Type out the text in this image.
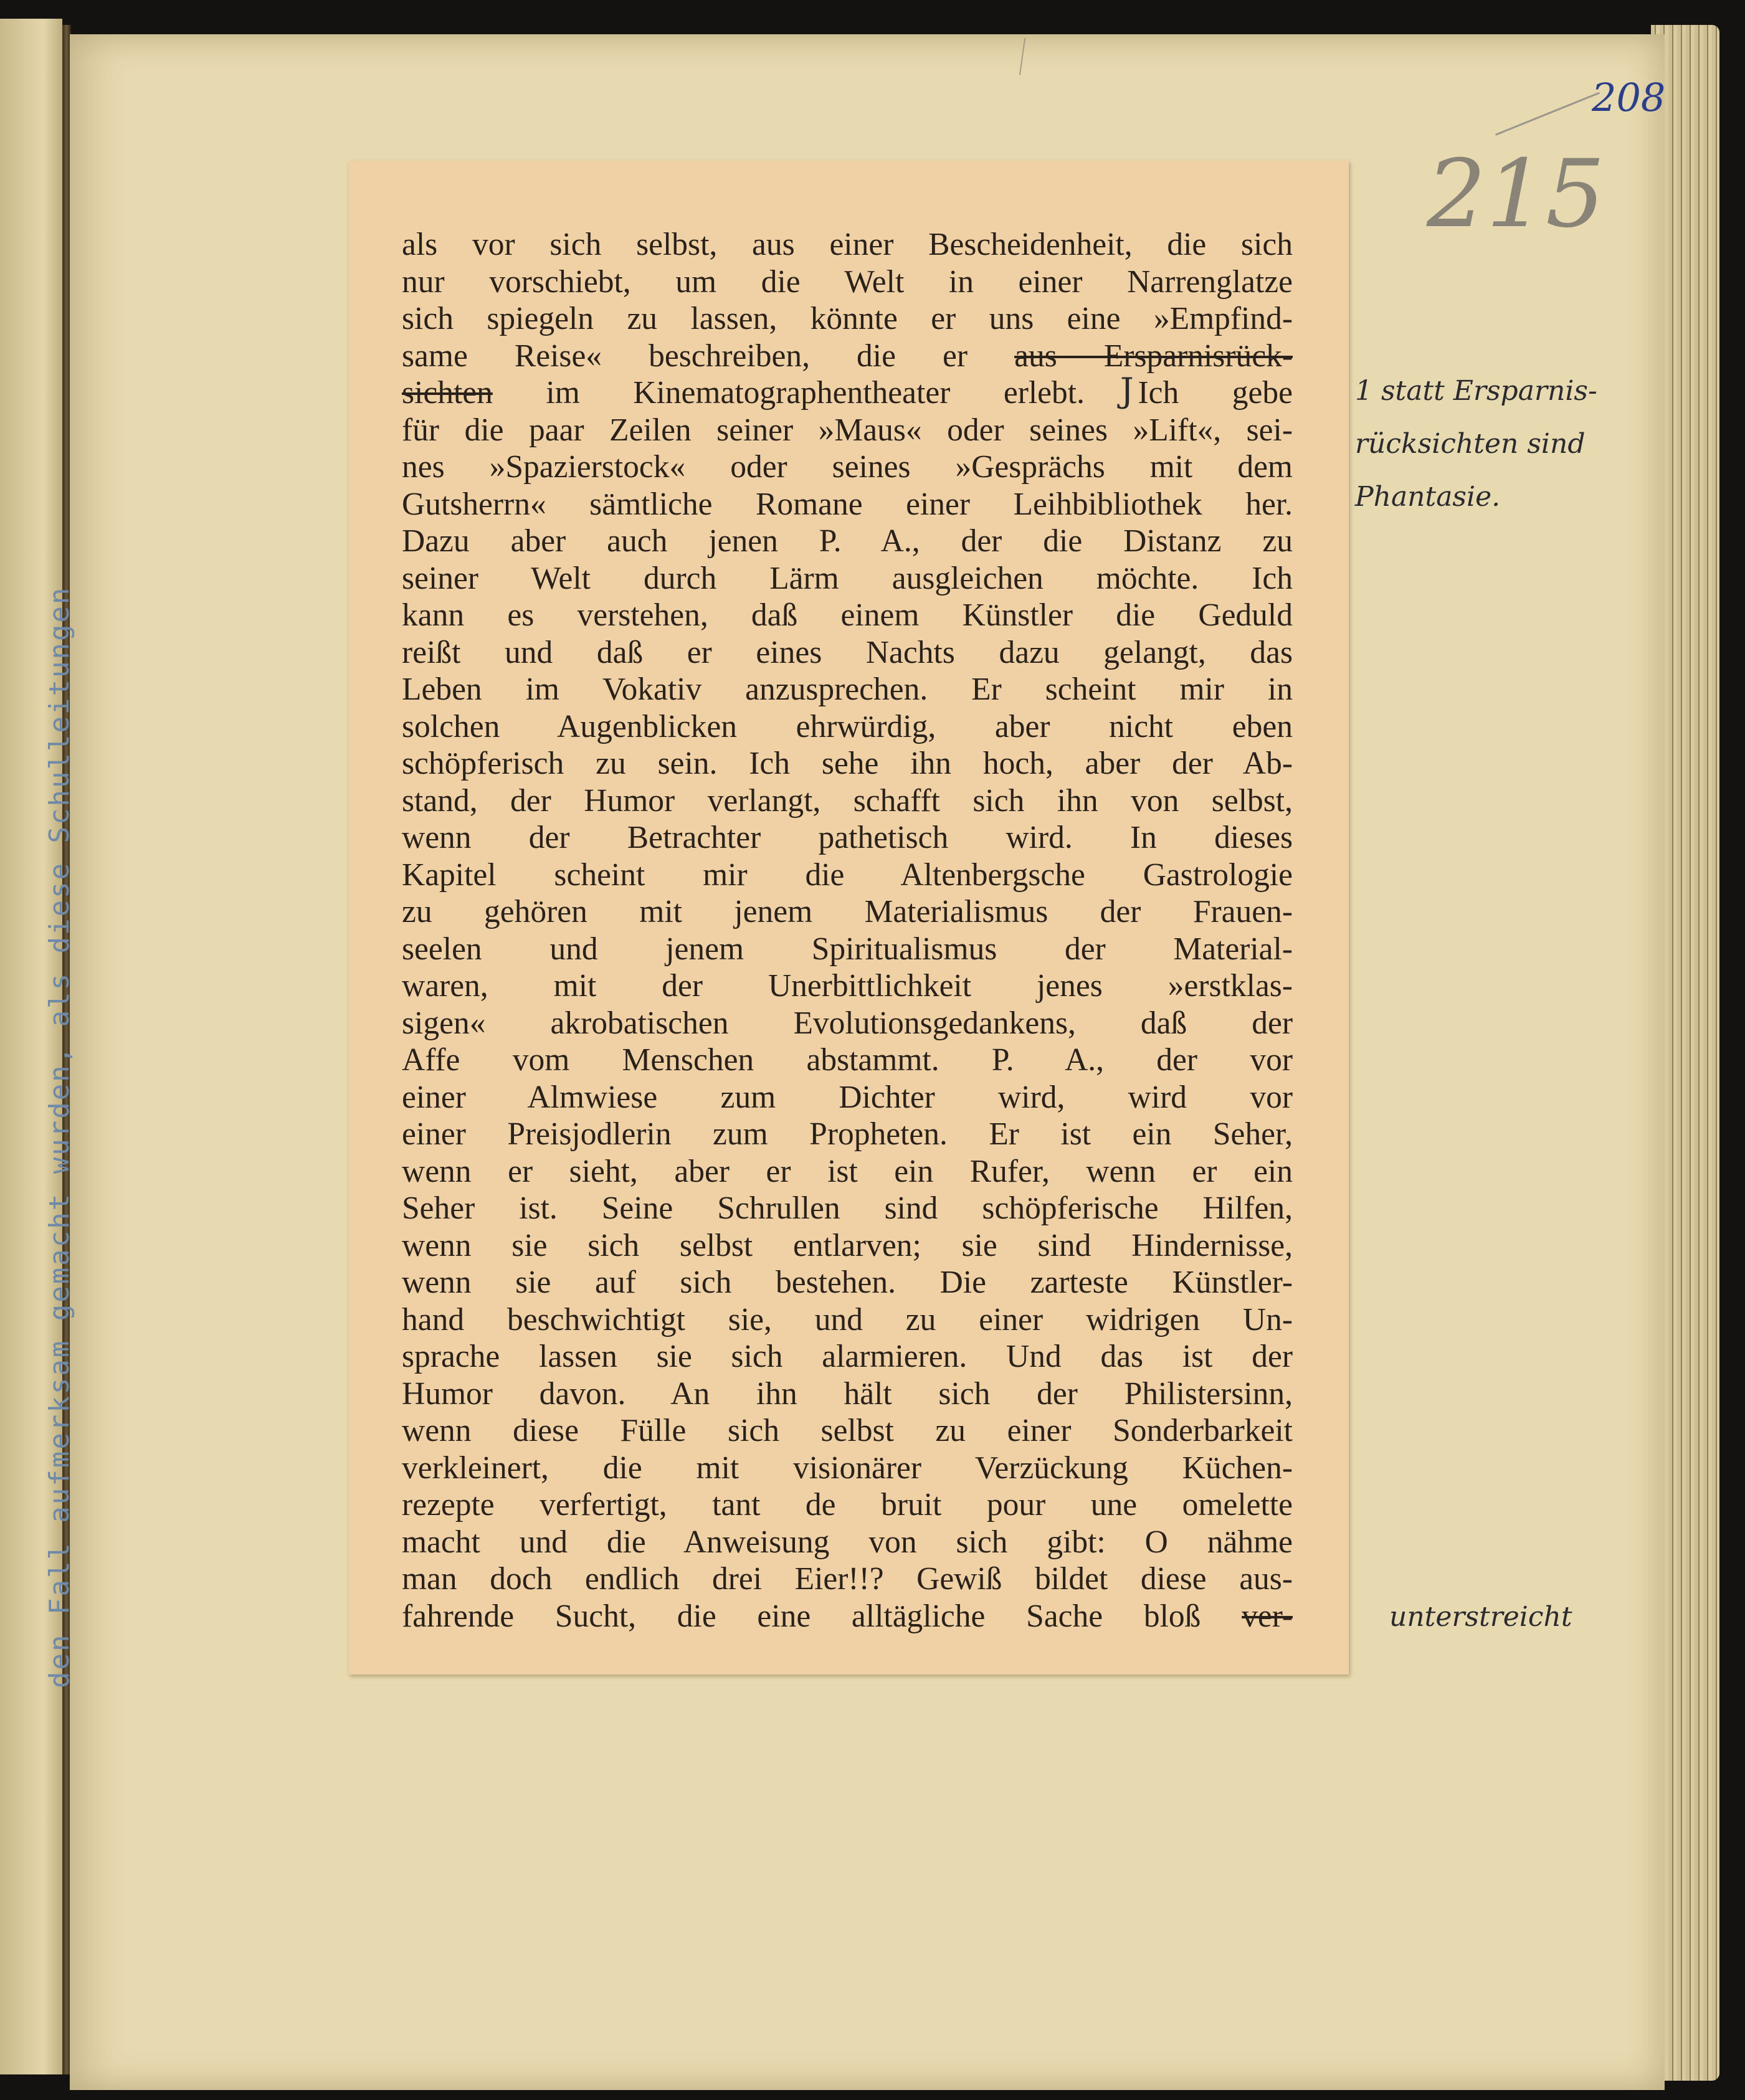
den Fall aufmerksam gemacht wurden, als diese Schulleitungen
208
215
als vor sich selbst, aus einer Bescheidenheit, die sich
nur vorschiebt, um die Welt in einer Narrenglatze
sich spiegeln zu lassen, könnte er uns eine »Empfind-
same Reise« beschreiben, die er aus Ersparnisrück-
sichten im Kinematographentheater erlebt. Ich gebe
für die paar Zeilen seiner »Maus« oder seines »Lift«, sei-
nes »Spazierstock« oder seines »Gesprächs mit dem
Gutsherrn« sämtliche Romane einer Leihbibliothek her.
Dazu aber auch jenen P. A., der die Distanz zu
seiner Welt durch Lärm ausgleichen möchte. Ich
kann es verstehen, daß einem Künstler die Geduld
reißt und daß er eines Nachts dazu gelangt, das
Leben im Vokativ anzusprechen. Er scheint mir in
solchen Augenblicken ehrwürdig, aber nicht eben
schöpferisch zu sein. Ich sehe ihn hoch, aber der Ab-
stand, der Humor verlangt, schafft sich ihn von selbst,
wenn der Betrachter pathetisch wird. In dieses
Kapitel scheint mir die Altenbergsche Gastrologie
zu gehören mit jenem Materialismus der Frauen-
seelen und jenem Spiritualismus der Material-
waren, mit der Unerbittlichkeit jenes »erstklas-
sigen« akrobatischen Evolutionsgedankens, daß der
Affe vom Menschen abstammt. P. A., der vor
einer Almwiese zum Dichter wird, wird vor
einer Preisjodlerin zum Propheten. Er ist ein Seher,
wenn er sieht, aber er ist ein Rufer, wenn er ein
Seher ist. Seine Schrullen sind schöpferische Hilfen,
wenn sie sich selbst entlarven; sie sind Hindernisse,
wenn sie auf sich bestehen. Die zarteste Künstler-
hand beschwichtigt sie, und zu einer widrigen Un-
sprache lassen sie sich alarmieren. Und das ist der
Humor davon. An ihn hält sich der Philistersinn,
wenn diese Fülle sich selbst zu einer Sonderbarkeit
verkleinert, die mit visionärer Verzückung Küchen-
rezepte verfertigt, tant de bruit pour une omelette
macht und die Anweisung von sich gibt: O nähme
man doch endlich drei Eier!!? Gewiß bildet diese aus-
fahrende Sucht, die eine alltägliche Sache bloß ver-
J	1 statt Ersparnis-
rücksichten sind
Phantasie.
unterstreicht
